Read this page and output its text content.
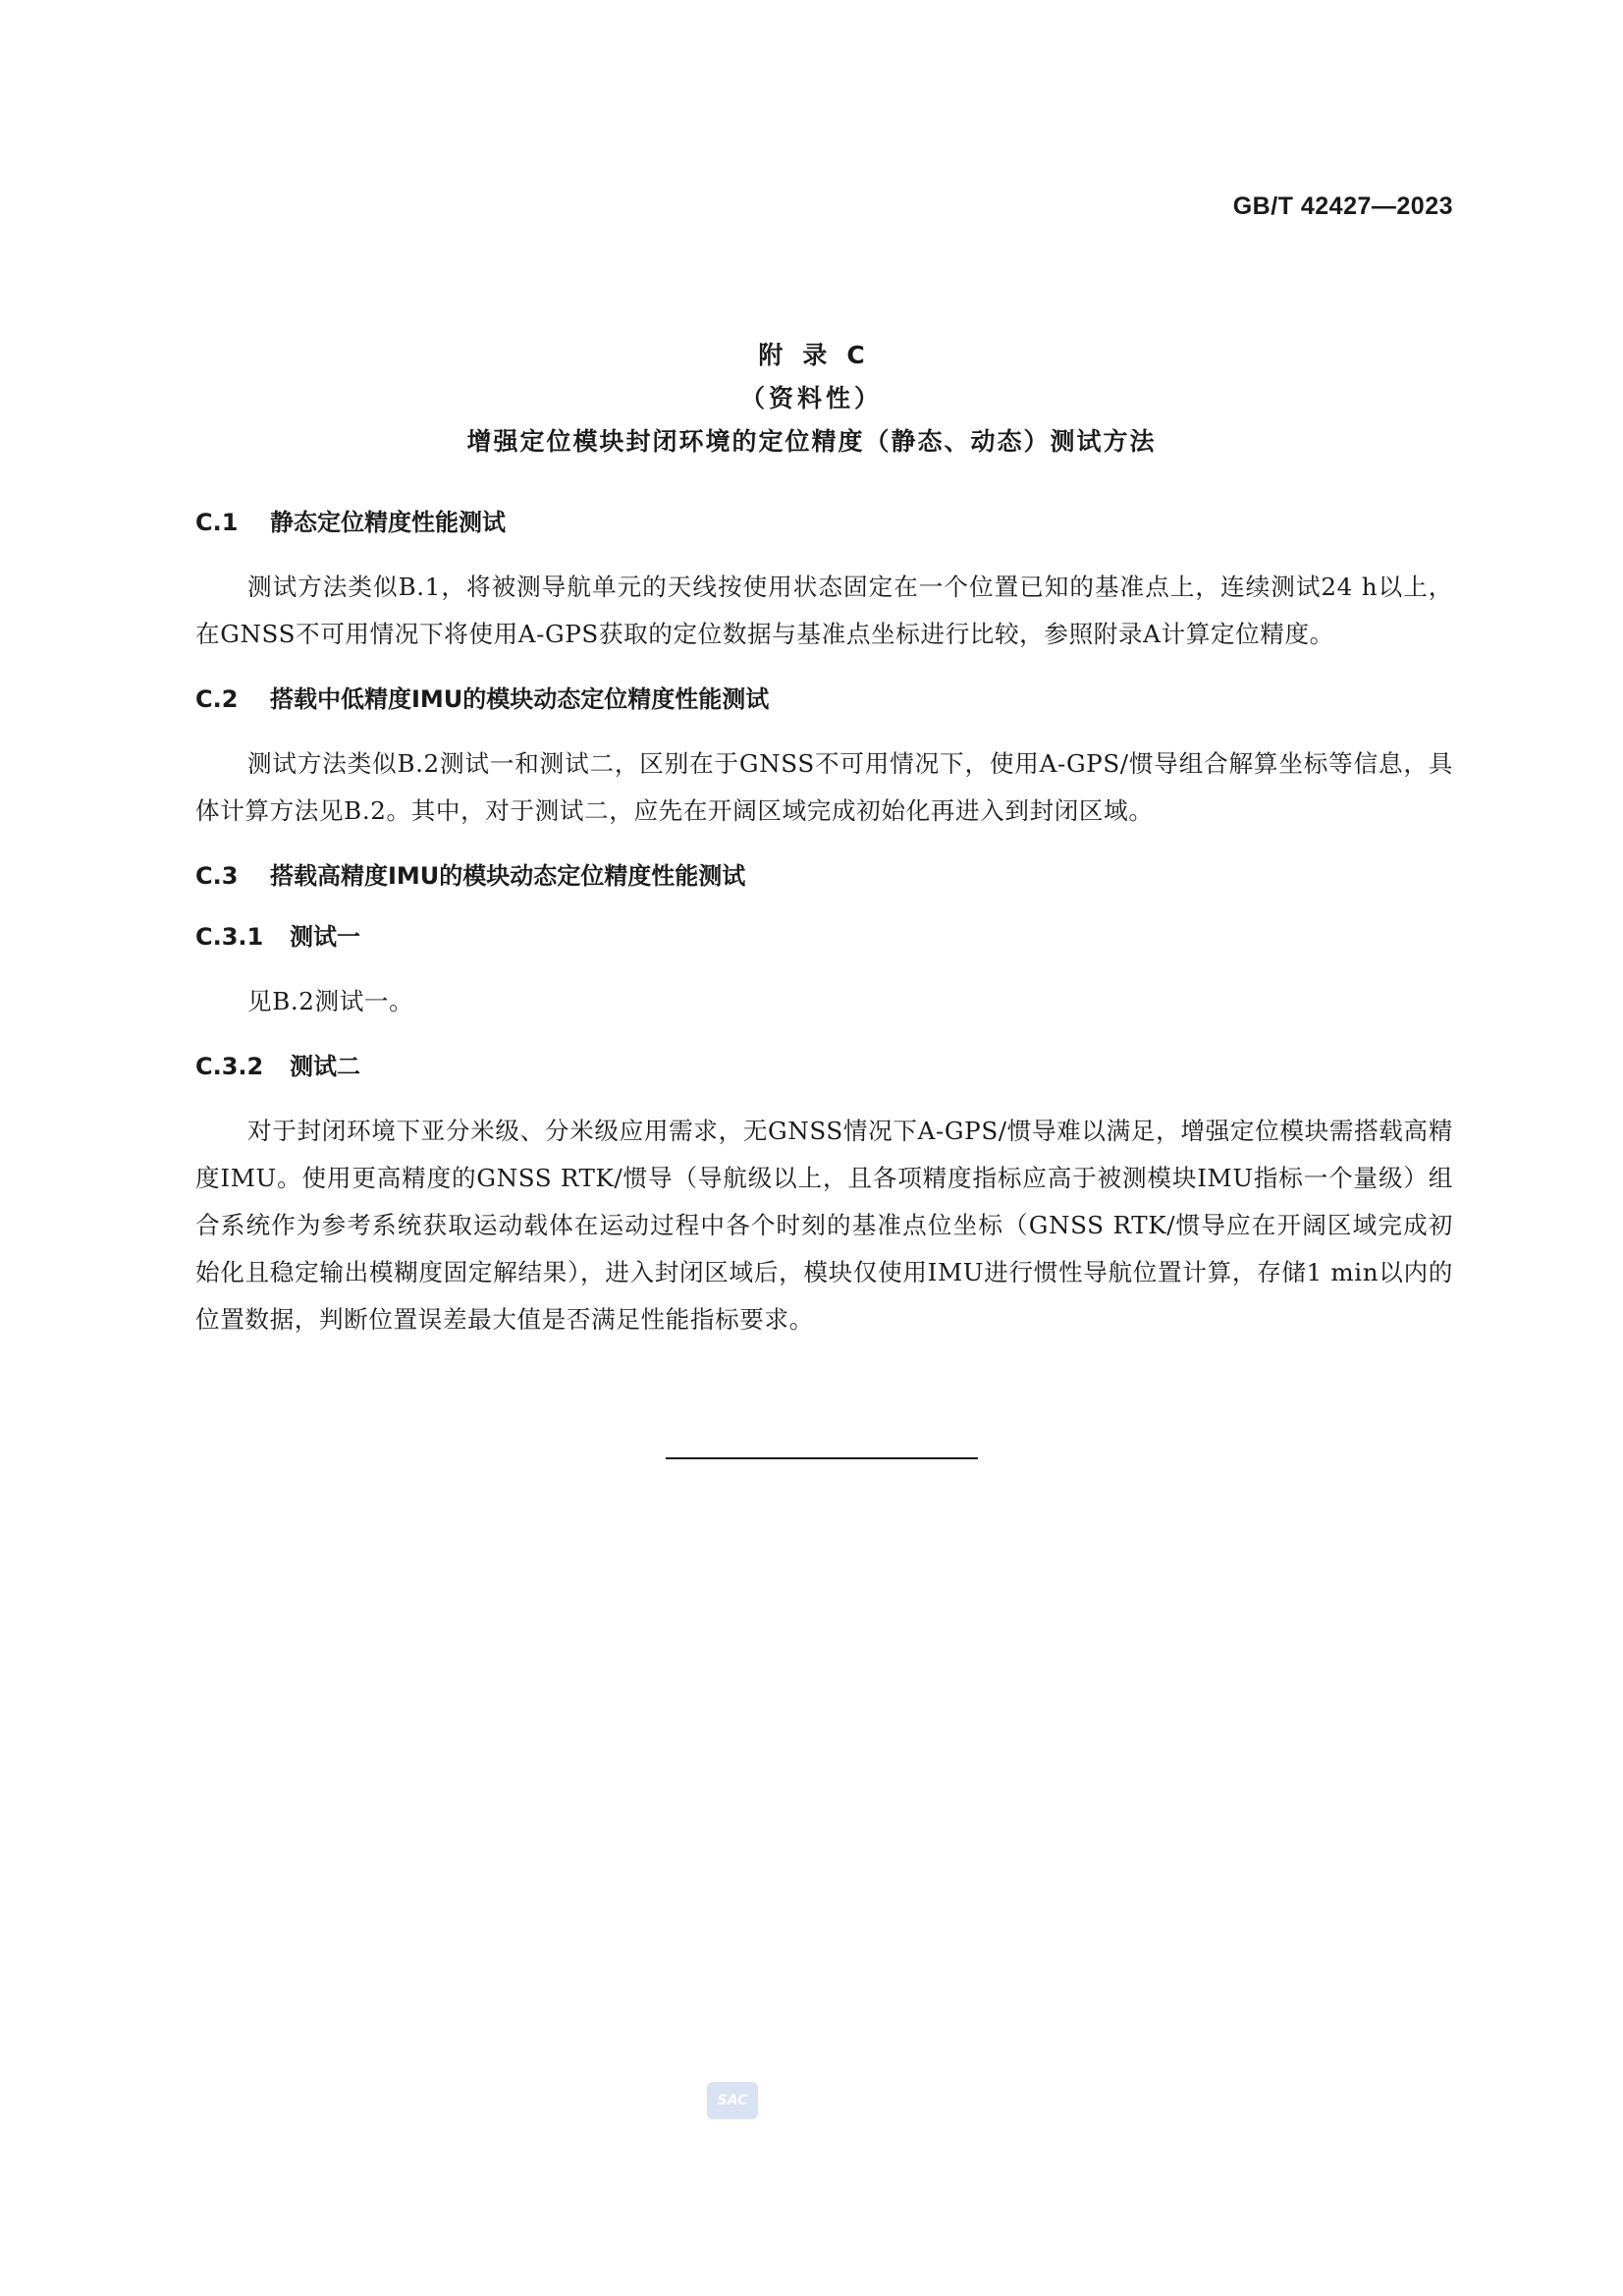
GB/T 42427—2023
附录C
（资料性）
增强定位模块封闭环境的定位精度（静态、动态）测试方法

C.1 静态定位精度性能测试

测试方法类似B.1，将被测导航单元的天线按使用状态固定在一个位置已知的基准点上，连续测试24 h以上，在GNSS不可用情况下将使用A-GPS获取的定位数据与基准点坐标进行比较，参照附录A计算定位精度。

C.2 搭载中低精度IMU的模块动态定位精度性能测试

测试方法类似B.2测试一和测试二，区别在于GNSS不可用情况下，使用A-GPS/惯导组合解算坐标等信息，具体计算方法见B.2。其中，对于测试二，应先在开阔区域完成初始化再进入到封闭区域。

C.3 搭载高精度IMU的模块动态定位精度性能测试

C.3.1 测试一

见B.2测试一。

C.3.2 测试二

对于封闭环境下亚分米级、分米级应用需求，无GNSS情况下A-GPS/惯导难以满足，增强定位模块需搭载高精度IMU。使用更高精度的GNSS RTK/惯导（导航级以上，且各项精度指标应高于被测模块IMU指标一个量级）组合系统作为参考系统获取运动载体在运动过程中各个时刻的基准点位坐标（GNSS RTK/惯导应在开阔区域完成初始化且稳定输出模糊度固定解结果），进入封闭区域后，模块仅使用IMU进行惯性导航位置计算，存储1 min以内的位置数据，判断位置误差最大值是否满足性能指标要求。

SAC
